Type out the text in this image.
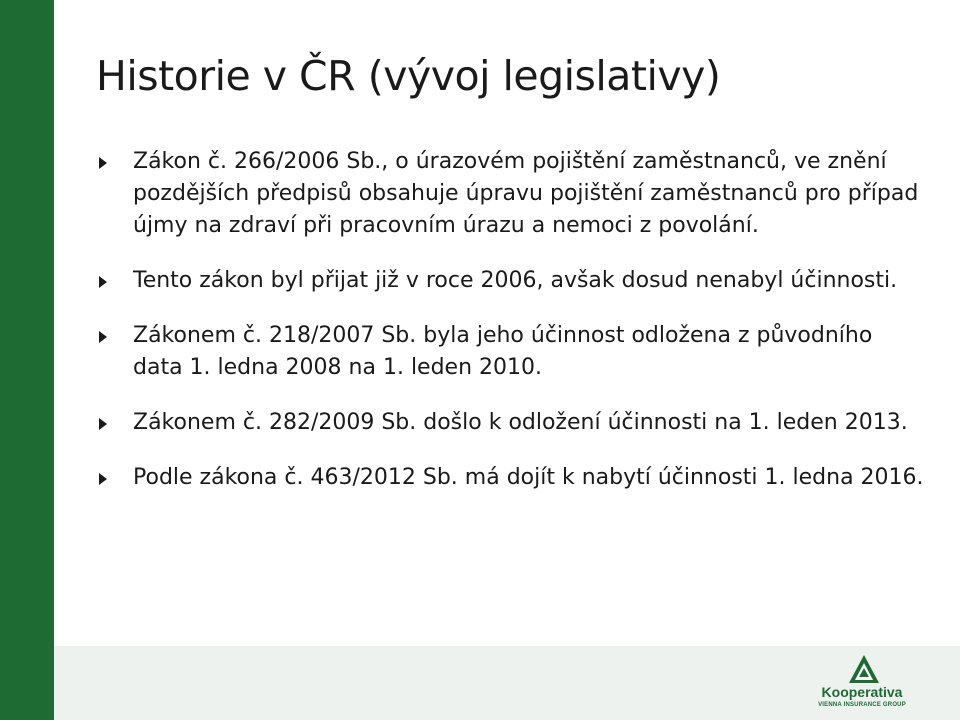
Historie v ČR (vývoj legislativy)
Zákon č. 266/2006 Sb., o úrazovém pojištění zaměstnanců, ve znění pozdějších předpisů obsahuje úpravu pojištění zaměstnanců pro případ újmy na zdraví při pracovním úrazu a nemoci z povolání.
Tento zákon byl přijat již v roce 2006, avšak dosud nenabyl účinnosti.
Zákonem č. 218/2007 Sb. byla jeho účinnost odložena z původního data 1. ledna 2008 na 1. leden 2010.
Zákonem č. 282/2009 Sb. došlo k odložení účinnosti na 1. leden 2013.
Podle zákona č. 463/2012 Sb. má dojít k nabytí účinnosti 1. ledna 2016.
Kooperativa
VIENNA INSURANCE GROUP
